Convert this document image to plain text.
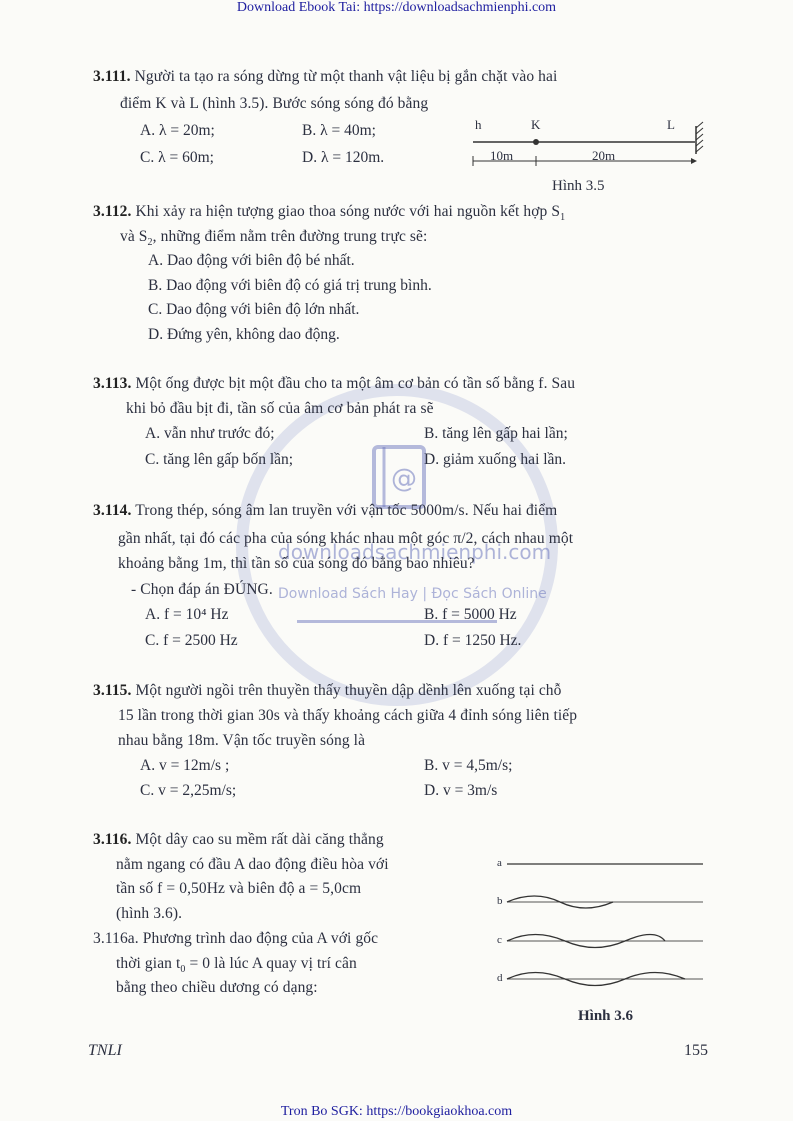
Download Ebook Tai: https://downloadsachmienphi.com
Tron Bo SGK: https://bookgiaokhoa.com
@
downloadsachmienphi.com
Download Sách Hay | Đọc Sách Online
3.111. Người ta tạo ra sóng dừng từ một thanh vật liệu bị gắn chặt vào hai
điểm K và L (hình 3.5). Bước sóng sóng đó bằng
A. λ = 20m;	B. λ = 40m;
C. λ = 60m;	D. λ = 120m.
h	K	L
10m	20m
Hình 3.5
3.112. Khi xảy ra hiện tượng giao thoa sóng nước với hai nguồn kết hợp $S_1$
và $S_2$, những điểm nằm trên đường trung trực sẽ:
A. Dao động với biên độ bé nhất.
B. Dao động với biên độ có giá trị trung bình.
C. Dao động với biên độ lớn nhất.
D. Đứng yên, không dao động.
3.113. Một ống được bịt một đầu cho ta một âm cơ bản có tần số bằng f. Sau
khi bỏ đầu bịt đi, tần số của âm cơ bản phát ra sẽ
A. vẫn như trước đó;	B. tăng lên gấp hai lần;
C. tăng lên gấp bốn lần;	D. giảm xuống hai lần.
3.114. Trong thép, sóng âm lan truyền với vận tốc 5000m/s. Nếu hai điểm
gần nhất, tại đó các pha của sóng khác nhau một góc π/2, cách nhau một
khoảng bằng 1m, thì tần số của sóng đó bằng bao nhiêu?
- Chọn đáp án ĐÚNG.
A. f = 10⁴ Hz	B. f = 5000 Hz
C. f = 2500 Hz	D. f = 1250 Hz.
3.115. Một người ngồi trên thuyền thấy thuyền dập dềnh lên xuống tại chỗ
15 lần trong thời gian 30s và thấy khoảng cách giữa 4 đỉnh sóng liên tiếp
nhau bằng 18m. Vận tốc truyền sóng là
A. v = 12m/s ;	B. v = 4,5m/s;
C. v = 2,25m/s;	D. v = 3m/s
3.116. Một dây cao su mềm rất dài căng thẳng
nằm ngang có đầu A dao động điều hòa với
tần số f = 0,50Hz và biên độ a = 5,0cm
(hình 3.6).
3.116a. Phương trình dao động của A với gốc
thời gian $t_0 = 0$ là lúc A quay vị trí cân
bằng theo chiều dương có dạng:
a
b
c
d
Hình 3.6
TNLI	155
